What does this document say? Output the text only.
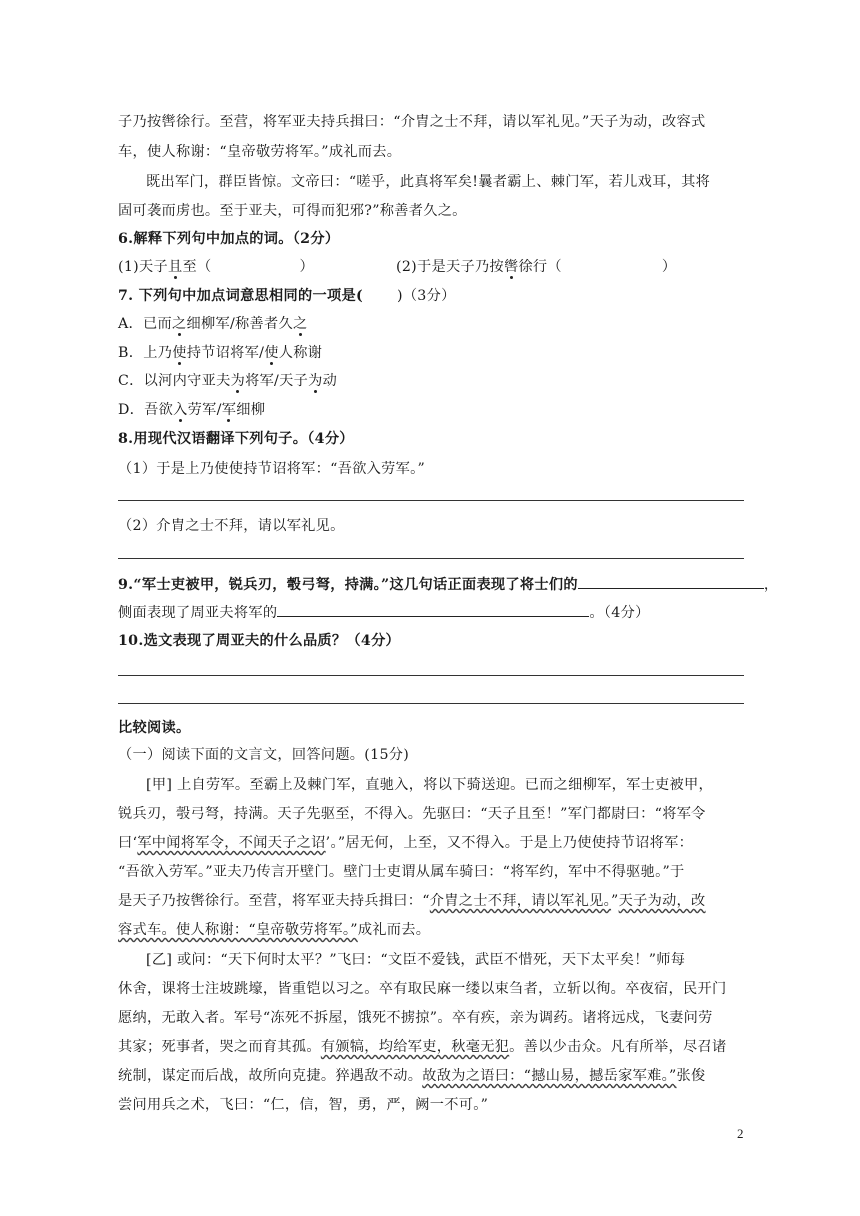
子乃按辔徐行。至营，将军亚夫持兵揖曰：“介胄之士不拜，请以军礼见。”天子为动，改容式
车，使人称谢：“皇帝敬劳将军。”成礼而去。
既出军门，群臣皆惊。文帝曰：“嗟乎，此真将军矣!曩者霸上、棘门军，若儿戏耳，其将
固可袭而虏也。至于亚夫，可得而犯邪?”称善者久之。
6.解释下列句中加点的词。（2分）
(1)天子且至（	）	(2)于是天子乃按辔徐行（	）
7. 下列句中加点词意思相同的一项是( )（3分）
A．已而之细柳军/称善者久之
B．上乃使持节诏将军/使人称谢
C．以河内守亚夫为将军/天子为动
D．吾欲入劳军/军细柳
8.用现代汉语翻译下列句子。（4分）
（1）于是上乃使使持节诏将军：“吾欲入劳军。”
（2）介胄之士不拜，请以军礼见。
9.“军士吏被甲，锐兵刃，彀弓弩，持满。”这几句话正面表现了将士们的	，
侧面表现了周亚夫将军的	。（4分）
10.选文表现了周亚夫的什么品质？（4分）
比较阅读。
（一）阅读下面的文言文，回答问题。(15分)
[甲] 上自劳军。至霸上及棘门军，直驰入，将以下骑送迎。已而之细柳军，军士吏被甲，
锐兵刃，彀弓弩，持满。天子先驱至，不得入。先驱曰：“天子且至！”军门都尉曰：“将军令
曰‘军中闻将军令，不闻天子之诏’。”居无何，上至，又不得入。于是上乃使使持节诏将军：
“吾欲入劳军。”亚夫乃传言开壁门。壁门士吏谓从属车骑曰：“将军约，军中不得驱驰。”于
是天子乃按辔徐行。至营，将军亚夫持兵揖曰：“介胄之士不拜，请以军礼见。”天子为动，改
容式车。使人称谢：“皇帝敬劳将军。”成礼而去。
[乙] 或问：“天下何时太平？”飞曰：“文臣不爱钱，武臣不惜死，天下太平矣！”师每
休舍，课将士注坡跳壕，皆重铠以习之。卒有取民麻一缕以束刍者，立斩以徇。卒夜宿，民开门
愿纳，无敢入者。军号“冻死不拆屋，饿死不掳掠”。卒有疾，亲为调药。诸将远戍，飞妻问劳
其家；死事者，哭之而育其孤。有颁犒，均给军吏，秋毫无犯。善以少击众。凡有所举，尽召诸
统制，谋定而后战，故所向克捷。猝遇敌不动。故敌为之语曰：“撼山易，撼岳家军难。”张俊
尝问用兵之术，飞曰：“仁，信，智，勇，严，阙一不可。”
2
